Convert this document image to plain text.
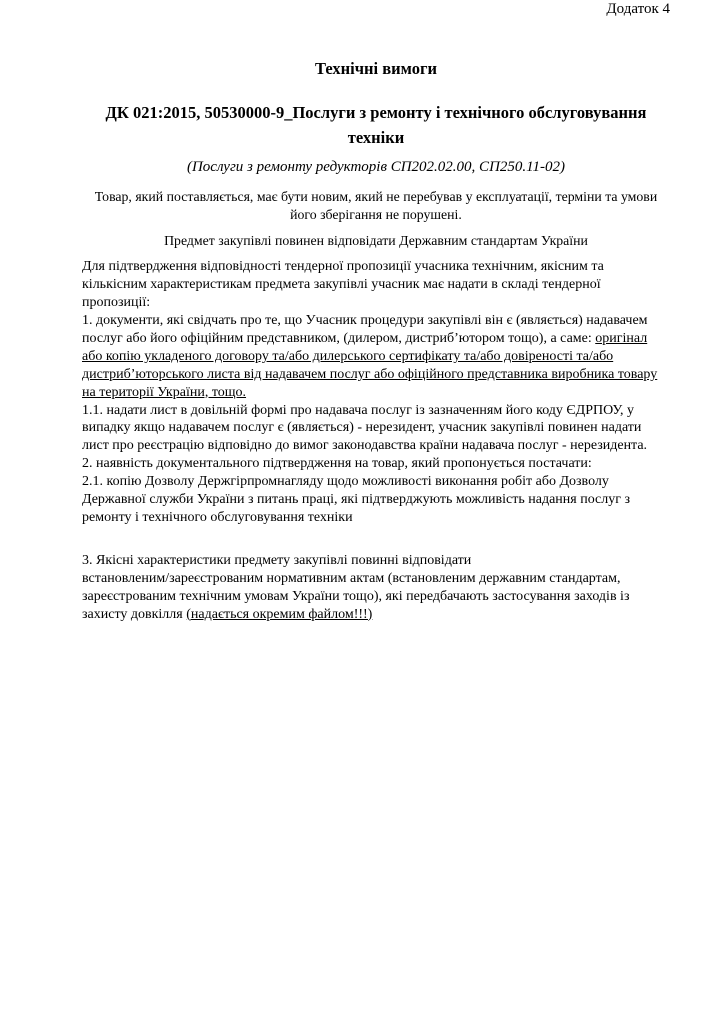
Додаток 4

Технічні вимоги
ДК 021:2015, 50530000-9_Послуги з ремонту і технічного обслуговування техніки

(Послуги з ремонту редукторів СП202.02.00, СП250.11-02)

Товар, який поставляється, має бути новим, який не перебував у експлуатації, терміни та умови його зберігання не порушені.

Предмет закупівлі повинен відповідати Державним стандартам України

Для підтвердження відповідності тендерної пропозиції учасника технічним, якісним та кількісним характеристикам предмета закупівлі учасник має надати в складі тендерної пропозиції:

1. документи, які свідчать про те, що Учасник процедури закупівлі він є (являється) надавачем послуг або його офіційним представником, (дилером, дистриб’ютором тощо), а саме: оригінал або копію укладеного договору та/або дилерського сертифікату та/або довіреності та/або дистриб’юторського листа від надавачем послуг або офіційного представника виробника товару на території України, тощо.

1.1. надати лист в довільній формі про надавача послуг із зазначенням його коду ЄДРПОУ, у випадку якщо надавачем послуг є (являється) - нерезидент, учасник закупівлі повинен надати лист про реєстрацію відповідно до вимог законодавства країни надавача послуг - нерезидента.

2. наявність документального підтвердження на товар, який пропонується постачати:

2.1. копію Дозволу Держгірпромнагляду щодо можливості виконання робіт або Дозволу Державної служби України з питань праці, які підтверджують можливість надання послуг з ремонту і технічного обслуговування техніки

3. Якісні характеристики предмету закупівлі повинні відповідати
встановленим/зареєстрованим нормативним актам (встановленим державним стандартам, зареєстрованим технічним умовам України тощо), які передбачають застосування заходів із захисту довкілля (надається окремим файлом!!!)
